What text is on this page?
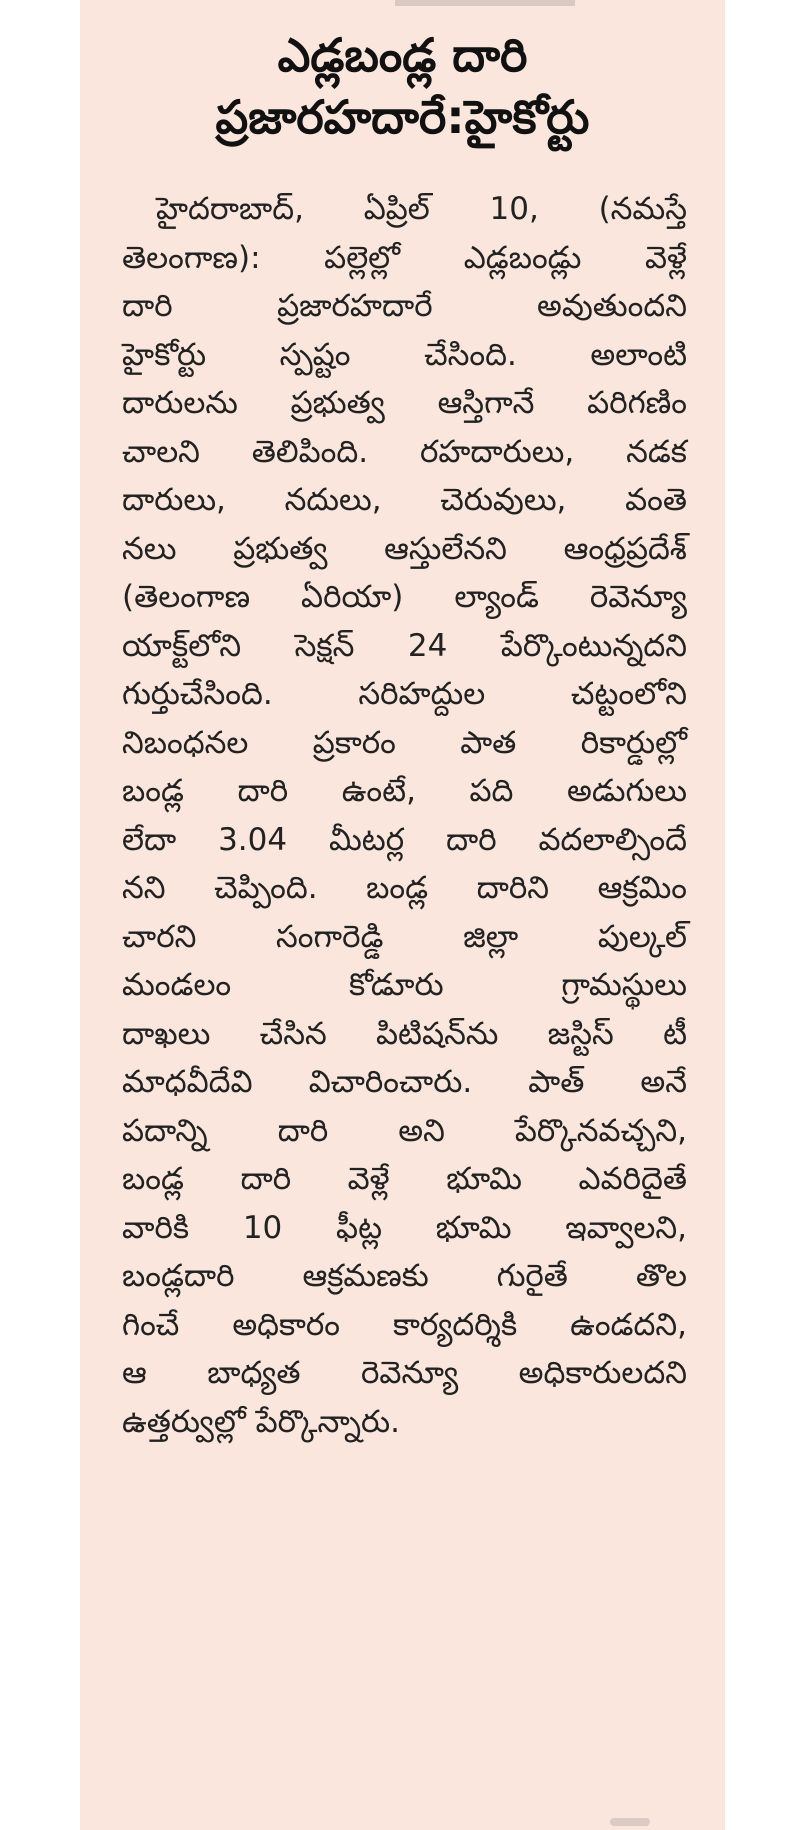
ఎడ్లబండ్ల దారి
ప్రజారహదారే:హైకోర్టు
హైదరాబాద్, ఏప్రిల్ 10, (నమస్తే
తెలంగాణ): పల్లెల్లో ఎడ్లబండ్లు వెళ్లే
దారి ప్రజారహదారే అవుతుందని
హైకోర్టు స్పష్టం చేసింది. అలాంటి
దారులను ప్రభుత్వ ఆస్తిగానే పరిగణిం
చాలని తెలిపింది. రహదారులు, నడక
దారులు, నదులు, చెరువులు, వంతె
నలు ప్రభుత్వ ఆస్తులేనని ఆంధ్రప్రదేశ్
(తెలంగాణ ఏరియా) ల్యాండ్ రెవెన్యూ
యాక్ట్‌లోని సెక్షన్ 24 పేర్కొంటున్నదని
గుర్తుచేసింది. సరిహద్దుల చట్టంలోని
నిబంధనల ప్రకారం పాత రికార్డుల్లో
బండ్ల దారి ఉంటే, పది అడుగులు
లేదా 3.04 మీటర్ల దారి వదలాల్సిందే
నని చెప్పింది. బండ్ల దారిని ఆక్రమిం
చారని సంగారెడ్డి జిల్లా పుల్కల్
మండలం కోడూరు గ్రామస్థులు
దాఖలు చేసిన పిటిషన్‌ను జస్టిస్ టీ
మాధవీదేవి విచారించారు. పాత్ అనే
పదాన్ని దారి అని పేర్కొనవచ్చని,
బండ్ల దారి వెళ్లే భూమి ఎవరిదైతే
వారికి 10 ఫీట్ల భూమి ఇవ్వాలని,
బండ్లదారి ఆక్రమణకు గురైతే తొల
గించే అధికారం కార్యదర్శికి ఉండదని,
ఆ బాధ్యత రెవెన్యూ అధికారులదని
ఉత్తర్వుల్లో పేర్కొన్నారు.
